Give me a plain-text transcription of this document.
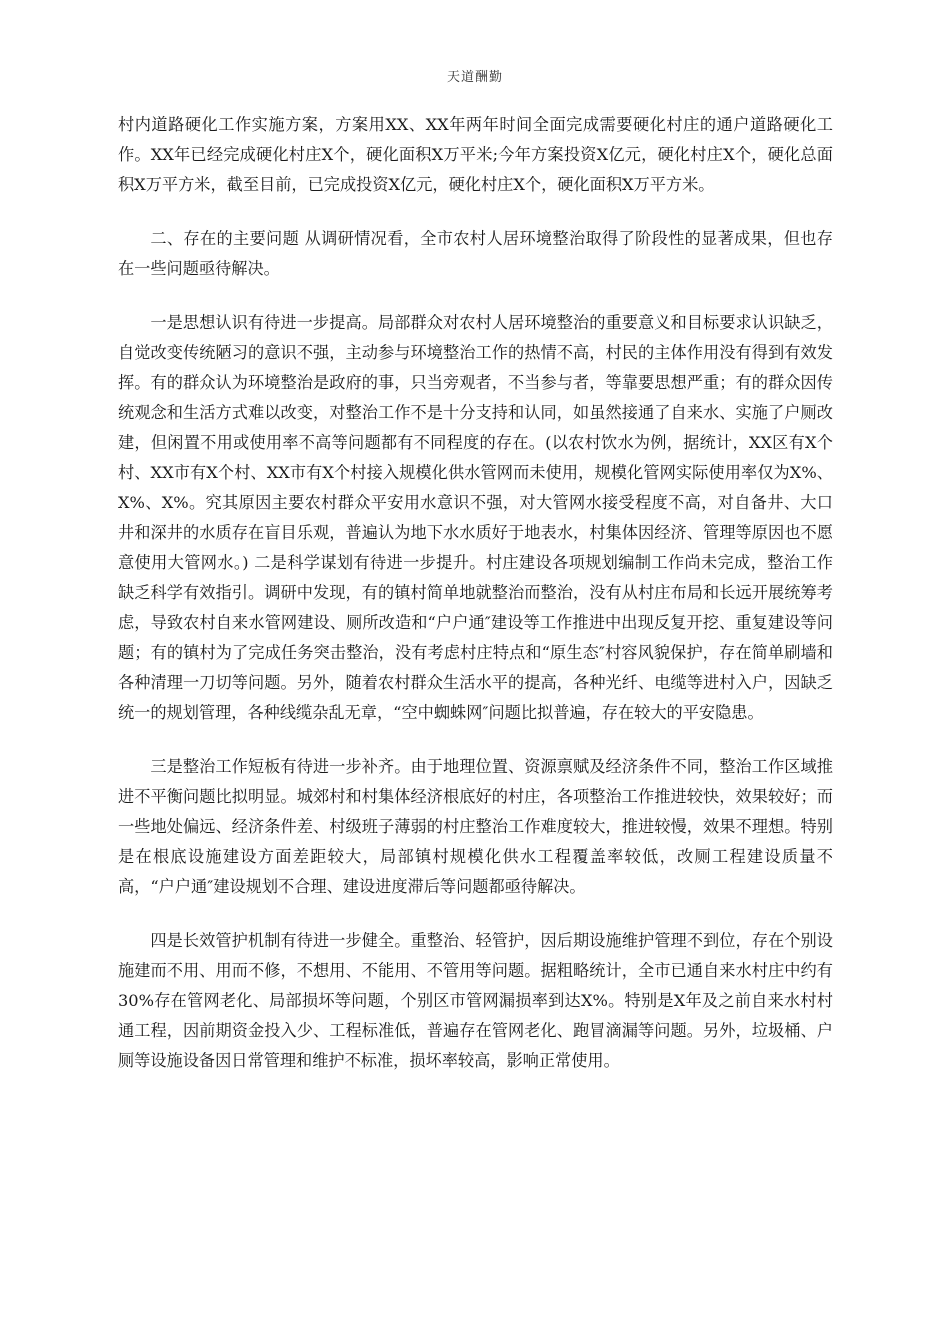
天道酬勤

村内道路硬化工作实施方案，方案用XX、XX年两年时间全面完成需要硬化村庄的通户道路硬化工作。XX年已经完成硬化村庄X个，硬化面积X万平米;今年方案投资X亿元，硬化村庄X个，硬化总面积X万平方米，截至目前，已完成投资X亿元，硬化村庄X个，硬化面积X万平方米。

二、存在的主要问题 从调研情况看，全市农村人居环境整治取得了阶段性的显著成果，但也存在一些问题亟待解决。

一是思想认识有待进一步提高。局部群众对农村人居环境整治的重要意义和目标要求认识缺乏，自觉改变传统陋习的意识不强，主动参与环境整治工作的热情不高，村民的主体作用没有得到有效发挥。有的群众认为环境整治是政府的事，只当旁观者，不当参与者，等靠要思想严重；有的群众因传统观念和生活方式难以改变，对整治工作不是十分支持和认同，如虽然接通了自来水、实施了户厕改建，但闲置不用或使用率不高等问题都有不同程度的存在。(以农村饮水为例，据统计，XX区有X个村、XX市有X个村、XX市有X个村接入规模化供水管网而未使用，规模化管网实际使用率仅为X%、X%、X%。究其原因主要农村群众平安用水意识不强，对大管网水接受程度不高，对自备井、大口井和深井的水质存在盲目乐观，普遍认为地下水水质好于地表水，村集体因经济、管理等原因也不愿意使用大管网水。) 二是科学谋划有待进一步提升。村庄建设各项规划编制工作尚未完成，整治工作缺乏科学有效指引。调研中发现，有的镇村简单地就整治而整治，没有从村庄布局和长远开展统筹考虑，导致农村自来水管网建设、厕所改造和“户户通″建设等工作推进中出现反复开挖、重复建设等问题；有的镇村为了完成任务突击整治，没有考虑村庄特点和“原生态″村容风貌保护，存在简单刷墙和各种清理一刀切等问题。另外，随着农村群众生活水平的提高，各种光纤、电缆等进村入户，因缺乏统一的规划管理，各种线缆杂乱无章，“空中蜘蛛网″问题比拟普遍，存在较大的平安隐患。

三是整治工作短板有待进一步补齐。由于地理位置、资源禀赋及经济条件不同，整治工作区域推进不平衡问题比拟明显。城郊村和村集体经济根底好的村庄，各项整治工作推进较快，效果较好；而一些地处偏远、经济条件差、村级班子薄弱的村庄整治工作难度较大，推进较慢，效果不理想。特别是在根底设施建设方面差距较大，局部镇村规模化供水工程覆盖率较低，改厕工程建设质量不高，“户户通″建设规划不合理、建设进度滞后等问题都亟待解决。

四是长效管护机制有待进一步健全。重整治、轻管护，因后期设施维护管理不到位，存在个别设施建而不用、用而不修，不想用、不能用、不管用等问题。据粗略统计，全市已通自来水村庄中约有30%存在管网老化、局部损坏等问题，个别区市管网漏损率到达X%。特别是X年及之前自来水村村通工程，因前期资金投入少、工程标准低，普遍存在管网老化、跑冒滴漏等问题。另外，垃圾桶、户厕等设施设备因日常管理和维护不标准，损坏率较高，影响正常使用。
